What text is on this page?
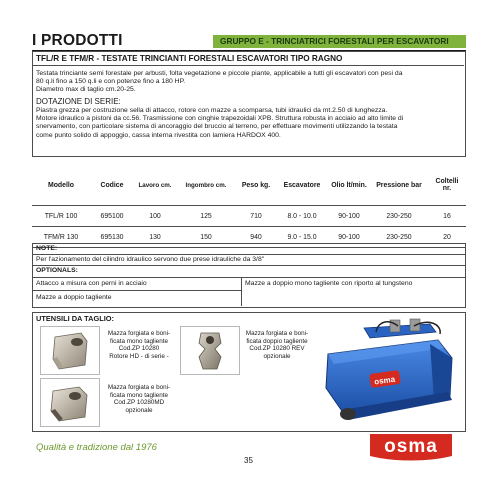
I PRODOTTI	GRUPPO E - TRINCIATRICI FORESTALI PER ESCAVATORI
TFL/R E TFM/R - TESTATE TRINCIANTI FORESTALI ESCAVATORI TIPO RAGNO
Testata trinciante semi forestale per arbusti, folta vegetazione e piccole piante, applicabile a tutti gli escavatori con pesi da
80 q.li fino a 150 q.li e con potenze fino a 180 HP.
Diametro max di taglio cm.20-25.
DOTAZIONE DI SERIE:
Piastra grezza per costruzione sella di attacco, rotore con mazze a scomparsa, tubi idraulici da mt.2.50 di lunghezza.
Motore idraulico a pistoni da cc.56. Trasmissione con cinghie trapezoidali XPB. Struttura robusta in acciaio ad alto limite di
snervamento, con particolare sistema di ancoraggio del bruccio al terreno, per effettuare movimenti utilizzando la testata
come punto solido di appoggio, cassa interna rivestita con lamiera HARDOX 400.
Modello	Codice	Lavoro cm.	Ingombro cm.	Peso kg.	Escavatore	Olio lt/min.	Pressione bar	Coltelli nr.
TFL/R 100	695100	100	125	710	8.0 - 10.0	90-100	230-250	16
TFM/R 130	695130	130	150	940	9.0 - 15.0	90-100	230-250	20
NOTE:
Per l'azionamento del cilindro idraulico servono due prese idrauliche da 3/8"
OPTIONALS:
Attacco a misura con perni in acciaio
Mazze a doppio tagliente
Mazze a doppio mono tagliente con riporto al tungsteno
UTENSILI DA TAGLIO:
Mazza forgiata e boni-
ficata mono tagliente
Cod.ZP 10280
Rotore HD - di serie -
Mazza forgiata e boni-
ficata doppio tagliente
Cod.ZP 10280 REV
opzionale
osma
Mazza forgiata e boni-
ficata mono tagliente
Cod.ZP 10280MD
opzionale
Qualità e tradizione dal 1976
35
osma
